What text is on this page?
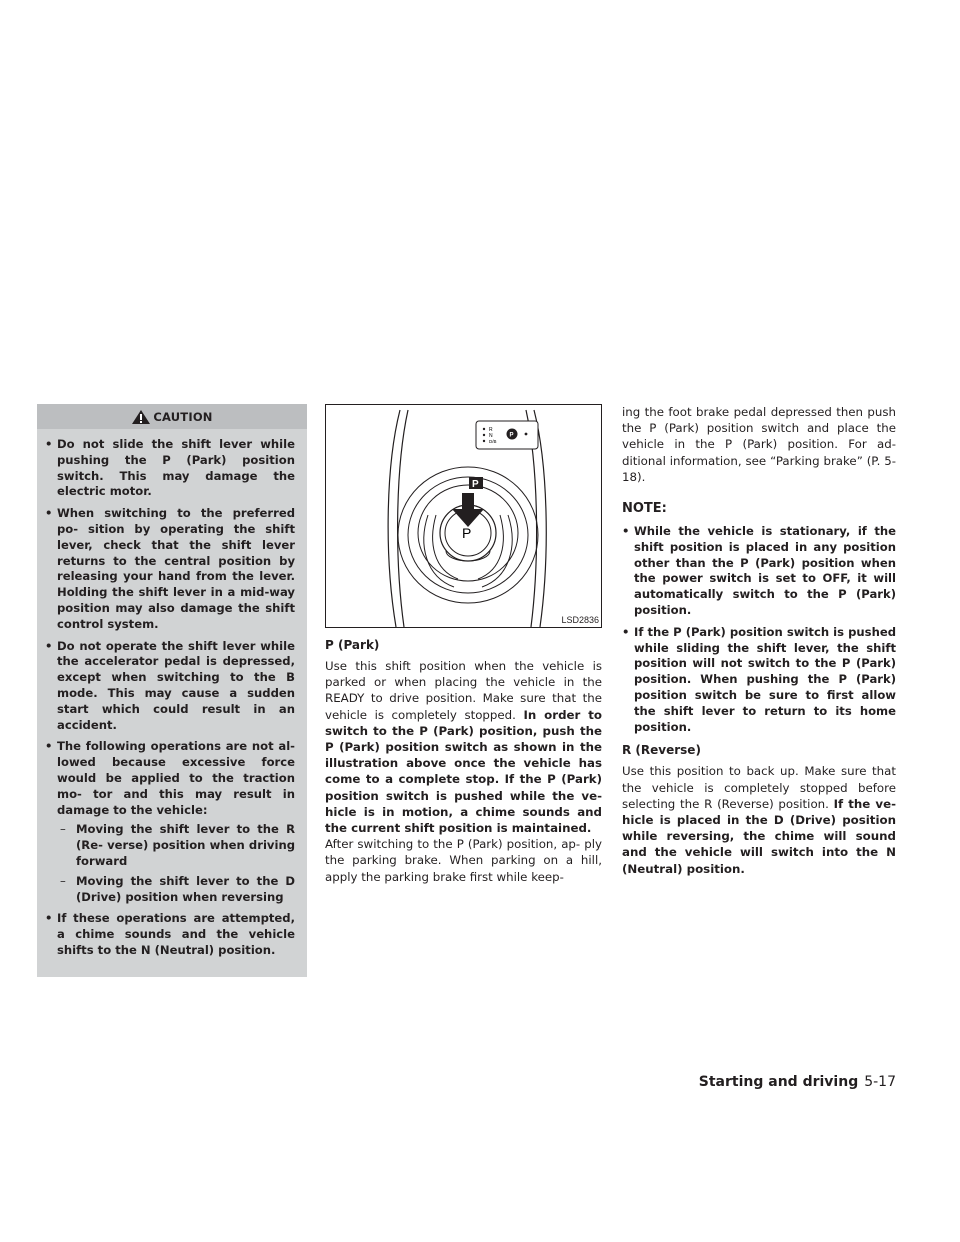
CAUTION
• Do not slide the shift lever while pushing the P (Park) position switch. This may damage the electric motor.
• When switching to the preferred po- sition by operating the shift lever, check that the shift lever returns to the central position by releasing your hand from the lever. Holding the shift lever in a mid-way position may also damage the shift control system.
• Do not operate the shift lever while the accelerator pedal is depressed, except when switching to the B mode. This may cause a sudden start which could result in an accident.
• The following operations are not al- lowed because excessive force would be applied to the traction mo- tor and this may result in damage to the vehicle:
– Moving the shift lever to the R (Re- verse) position when driving forward
– Moving the shift lever to the D (Drive) position when reversing
• If these operations are attempted, a chime sounds and the vehicle shifts to the N (Neutral) position.
R
N
D/B
P
P
P
LSD2836
P (Park)

Use this shift position when the vehicle is parked or when placing the vehicle in the READY to drive position. Make sure that the vehicle is completely stopped. In order to switch to the P (Park) position, push the P (Park) position switch as shown in the illustration above once the vehicle has come to a complete stop. If the P (Park) position switch is pushed while the ve- hicle is in motion, a chime sounds and the current shift position is maintained.
After switching to the P (Park) position, ap- ply the parking brake. When parking on a hill, apply the parking brake first while keep-

ing the foot brake pedal depressed then push the P (Park) position switch and place the vehicle in the P (Park) position. For ad- ditional information, see “Parking brake” (P. 5-18).

NOTE:
• While the vehicle is stationary, if the shift position is placed in any position other than the P (Park) position when the power switch is set to OFF, it will automatically switch to the P (Park) position.
• If the P (Park) position switch is pushed while sliding the shift lever, the shift position will not switch to the P (Park) position. When pushing the P (Park) position switch be sure to first allow the shift lever to return to its home position.
R (Reverse)

Use this position to back up. Make sure that the vehicle is completely stopped before selecting the R (Reverse) position. If the ve- hicle is placed in the D (Drive) position while reversing, the chime will sound and the vehicle will switch into the N (Neutral) position.

Starting and driving 5-17
